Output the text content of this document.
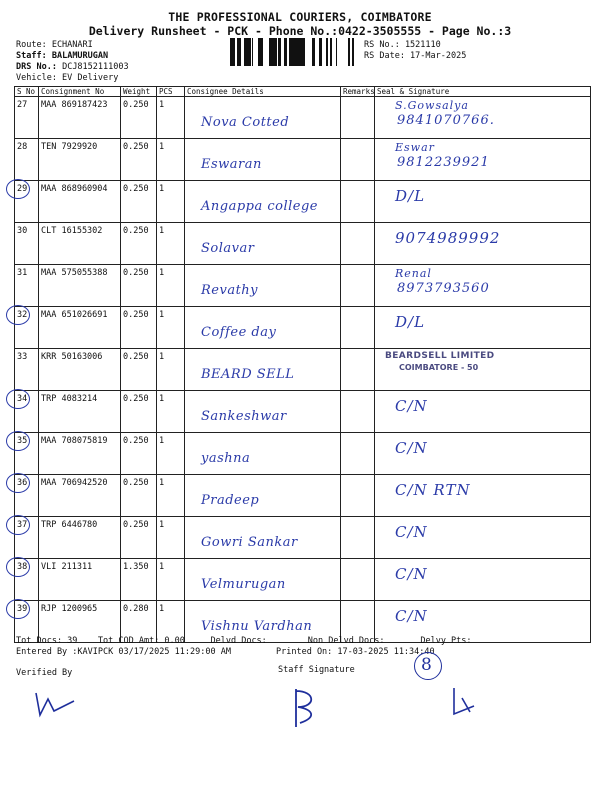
THE PROFESSIONAL COURIERS, COIMBATORE
Delivery Runsheet - PCK - Phone No.:0422-3505555 - Page No.:3
Route: ECHANARI
Staff: BALAMURUGAN
DRS No.: DCJ8152111003
Vehicle: EV Delivery
RS No.: 1521110
RS Date: 17-Mar-2025
S No	Consignment No	Weight	PCS	Consignee Details	Remarks	Seal & Signature

27	MAA 869187423	0.250	1	Nova Cotted		S.Gowsalya
9841070766.

28	TEN 7929920	0.250	1	Eswaran		Eswar
9812239921

29	MAA 868960904	0.250	1	Angappa college		D/L

30	CLT 16155302	0.250	1	Solavar		9074989992

31	MAA 575055388	0.250	1	Revathy		Renal
8973793560

32	MAA 651026691	0.250	1	Coffee day		D/L

33	KRR 50163006	0.250	1	BEARD SELL		BEARDSELL LIMITED
COIMBATORE - 50

34	TRP 4083214	0.250	1	Sankeshwar		C/N

35	MAA 708075819	0.250	1	yashna		C/N

36	MAA 706942520	0.250	1	Pradeep		C/N RTN

37	TRP 6446780	0.250	1	Gowri Sankar		C/N

38	VLI 211311	1.350	1	Velmurugan		C/N

39	RJP 1200965	0.280	1	Vishnu Vardhan		C/N
Tot Docs: 39 Tot COD Amt: 0.00	Delvd Docs:	Non Delvd Docs:	Delvy Pts:
Entered By :KAVIPCK 03/17/2025 11:29:00 AM	Printed On: 17-03-2025 11:34:40
Verified By	Staff Signature	8
